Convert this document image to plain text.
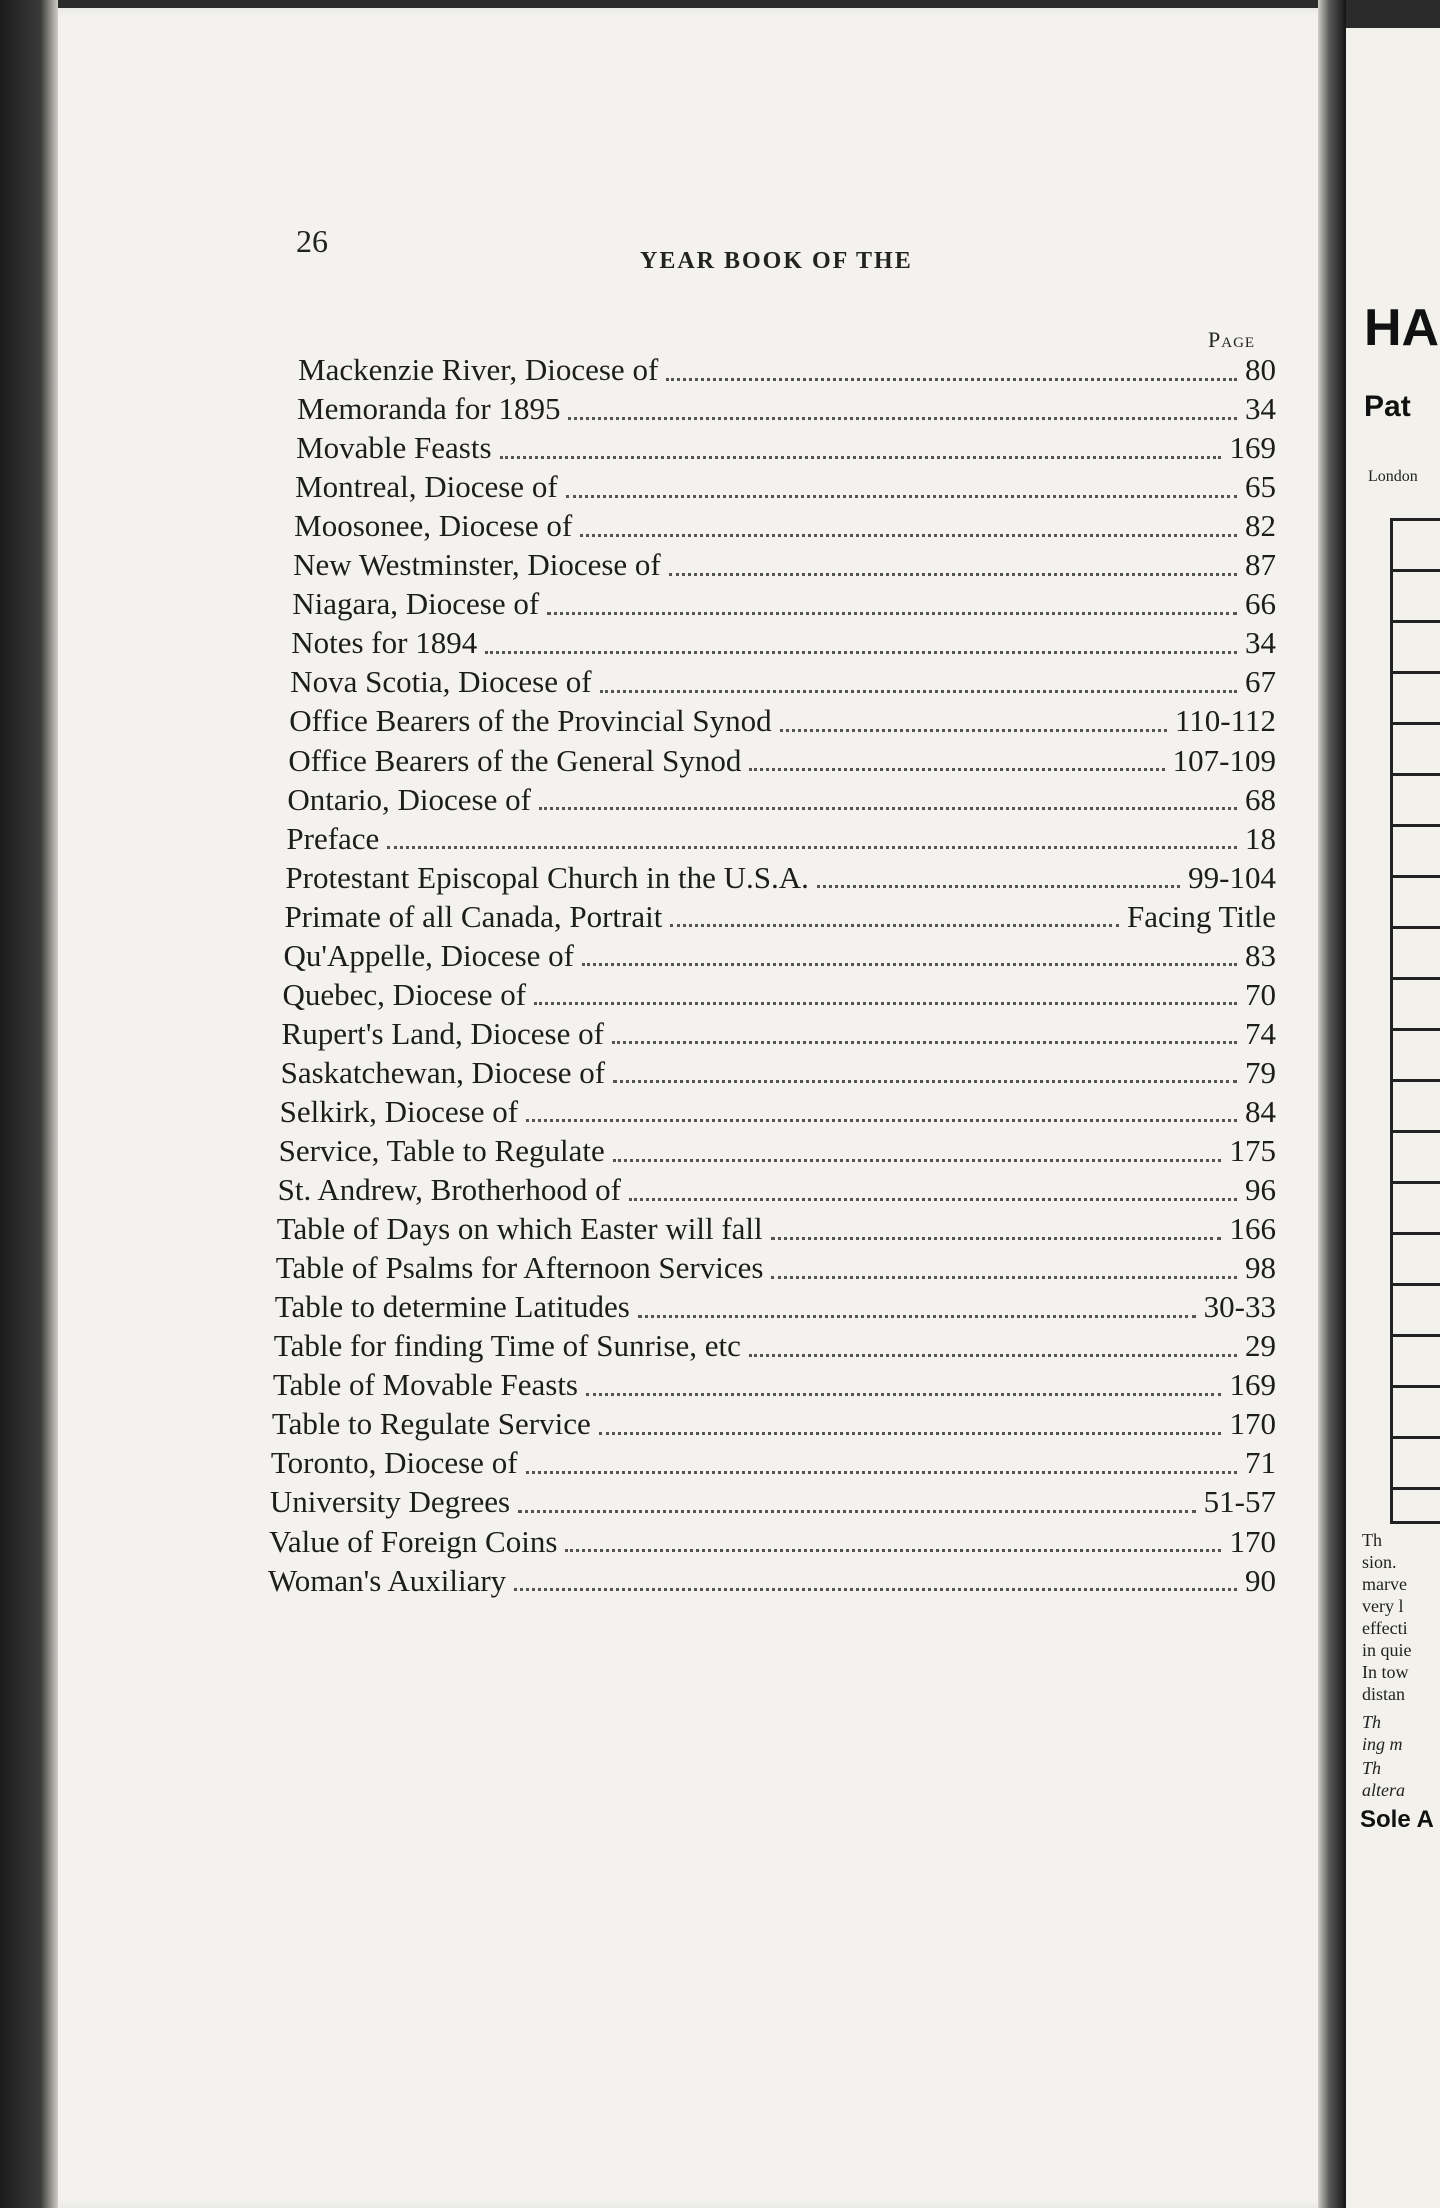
26
YEAR BOOK OF THE
Page
Mackenzie River, Diocese of	80
Memoranda for 1895	34
Movable Feasts	169
Montreal, Diocese of	65
Moosonee, Diocese of	82
New Westminster, Diocese of	87
Niagara, Diocese of	66
Notes for 1894	34
Nova Scotia, Diocese of	67
Office Bearers of the Provincial Synod	110-112
Office Bearers of the General Synod	107-109
Ontario, Diocese of	68
Preface	18
Protestant Episcopal Church in the U.S.A.	99-104
Primate of all Canada, Portrait	Facing Title
Qu'Appelle, Diocese of	83
Quebec, Diocese of	70
Rupert's Land, Diocese of	74
Saskatchewan, Diocese of	79
Selkirk, Diocese of	84
Service, Table to Regulate	175
St. Andrew, Brotherhood of	96
Table of Days on which Easter will fall	166
Table of Psalms for Afternoon Services	98
Table to determine Latitudes	30-33
Table for finding Time of Sunrise, etc	29
Table of Movable Feasts	169
Table to Regulate Service	170
Toronto, Diocese of	71
University Degrees	51-57
Value of Foreign Coins	170
Woman's Auxiliary	90
HA
Pat
London
Th
sion.
marve
very l
effecti
in quie
In tow
distan
Th
ing m
Th
altera
Sole A
